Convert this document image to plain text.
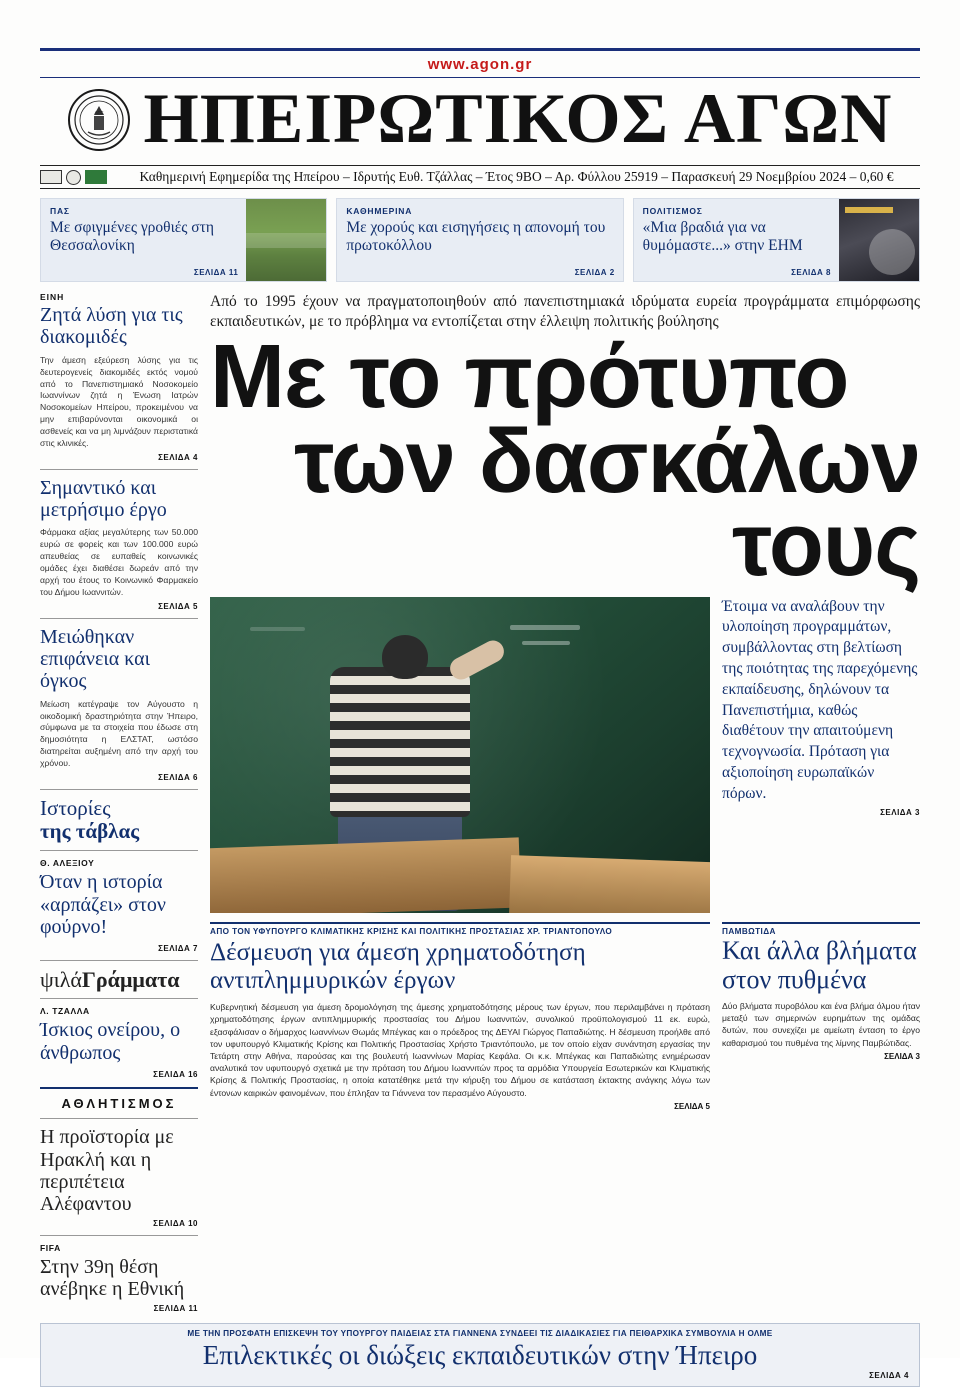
www.agon.gr
ΑΠΣ ΗΠΕΙΡΩΤΙΚΟΣ ΑΓΩΝ
Καθημερινή Εφημερίδα της Ηπείρου – Ιδρυτής Ευθ. Τζάλλας – Έτος 9ΒΟ – Αρ. Φύλλου 25919 – Παρασκευή 29 Νοεμβρίου 2024 – 0,60 €
ΠΑΣ
Με σφιγμένες γροθιές στη Θεσσαλονίκη
ΣΕΛΙΔΑ 11
ΚΑΘΗΜΕΡΙΝΑ
Με χορούς και εισηγήσεις η απονομή του πρωτοκόλλου
ΣΕΛΙΔΑ 2
ΠΟΛΙΤΙΣΜΟΣ
«Μια βραδιά για να θυμόμαστε...» στην ΕΗΜ
ΣΕΛΙΔΑ 8
ΕΙΝΗ
Ζητά λύση για τις διακομιδές
Την άμεση εξεύρεση λύσης για τις δευτερογενείς διακομιδές εκτός νομού από το Πανεπιστημιακό Νοσοκομείο Ιωαννίνων ζητά η Ένωση Ιατρών Νοσοκομείων Ηπείρου, προκειμένου να μην επιβαρύνονται οικονομικά οι ασθενείς και να μη λιμνάζουν περιστατικά στις κλινικές.
ΣΕΛΙΔΑ 4
Σημαντικό και μετρήσιμο έργο
Φάρμακα αξίας μεγαλύτερης των 50.000 ευρώ σε φορείς και των 100.000 ευρώ απευθείας σε ευπαθείς κοινωνικές ομάδες έχει διαθέσει δωρεάν από την αρχή του έτους το Κοινωνικό Φαρμακείο του Δήμου Ιωαννιτών.
ΣΕΛΙΔΑ 5
Μειώθηκαν επιφάνεια και όγκος
Μείωση κατέγραψε τον Αύγουστο η οικοδομική δραστηριότητα στην Ήπειρο, σύμφωνα με τα στοιχεία που έδωσε στη δημοσιότητα η ΕΛΣΤΑΤ, ωστόσο διατηρείται αυξημένη από την αρχή του χρόνου.
ΣΕΛΙΔΑ 6
Ιστορίες
της τάβλας
Θ. ΑΛΕΞΙΟΥ
Όταν η ιστορία «αρπάζει» στον φούρνο!
ΣΕΛΙΔΑ 7
ψιλάΓράμματα
Λ. ΤΖΑΛΛΑ
Ίσκιος ονείρου, ο άνθρωπος
ΣΕΛΙΔΑ 16
ΑΘΛΗΤΙΣΜΟΣ
Η προϊστορία με Ηρακλή και η περιπέτεια Αλέφαντου
ΣΕΛΙΔΑ 10
FIFA
Στην 39η θέση ανέβηκε η Εθνική
ΣΕΛΙΔΑ 11
Από το 1995 έχουν να πραγματοποιηθούν από πανεπιστημιακά ιδρύματα ευρεία προγράμματα επιμόρφωσης εκπαιδευτικών, με το πρόβλημα να εντοπίζεται στην έλλειψη πολιτικής βούλησης
Με το πρότυπο
των δασκάλων τους
Έτοιμα να αναλάβουν την υλοποίηση προγραμμάτων, συμβάλλοντας στη βελτίωση της ποιότητας της παρεχόμενης εκπαίδευσης, δηλώνουν τα Πανεπιστήμια, καθώς διαθέτουν την απαιτούμενη τεχνογνωσία. Πρόταση για αξιοποίηση ευρωπαϊκών πόρων.
ΣΕΛΙΔΑ 3
ΑΠΟ ΤΟΝ ΥΦΥΠΟΥΡΓΟ ΚΛΙΜΑΤΙΚΗΣ ΚΡΙΣΗΣ ΚΑΙ ΠΟΛΙΤΙΚΗΣ ΠΡΟΣΤΑΣΙΑΣ ΧΡ. ΤΡΙΑΝΤΟΠΟΥΛΟ
Δέσμευση για άμεση χρηματοδότηση αντιπλημμυρικών έργων
Κυβερνητική δέσμευση για άμεση δρομολόγηση της άμεσης χρηματοδότησης μέρους των έργων, που περιλαμβάνει η πρόταση χρηματοδότησης έργων αντιπλημμυρικής προστασίας του Δήμου Ιωαννιτών, συνολικού προϋπολογισμού 11 εκ. ευρώ, εξασφάλισαν ο δήμαρχος Ιωαννίνων Θωμάς Μπέγκας και ο πρόεδρος της ΔΕΥΑΙ Γιώργος Παπαδιώτης. Η δέσμευση προήλθε από τον υφυπουργό Κλιματικής Κρίσης και Πολιτικής Προστασίας Χρήστο Τριαντόπουλο, με τον οποίο είχαν συνάντηση εργασίας την Τετάρτη στην Αθήνα, παρούσας και της βουλευτή Ιωαννίνων Μαρίας Κεφάλα. Οι κ.κ. Μπέγκας και Παπαδιώτης ενημέρωσαν αναλυτικά τον υφυπουργό σχετικά με την πρόταση του Δήμου Ιωαννιτών προς τα αρμόδια Υπουργεία Εσωτερικών και Κλιματικής Κρίσης & Πολιτικής Προστασίας, η οποία κατατέθηκε μετά την κήρυξη του Δήμου σε κατάσταση έκτακτης ανάγκης λόγω των έντονων καιρικών φαινομένων, που έπληξαν τα Γιάννενα τον περασμένο Αύγουστο.
ΣΕΛΙΔΑ 5
ΠΑΜΒΩΤΙΔΑ
Και άλλα βλήματα στον πυθμένα
Δύο βλήματα πυροβόλου και ένα βλήμα όλμου ήταν μεταξύ των σημερινών ευρημάτων της ομάδας δυτών, που συνεχίζει με αμείωτη ένταση το έργο καθαρισμού του πυθμένα της λίμνης Παμβώτιδας.
ΣΕΛΙΔΑ 3
ΜΕ ΤΗΝ ΠΡΟΣΦΑΤΗ ΕΠΙΣΚΕΨΗ ΤΟΥ ΥΠΟΥΡΓΟΥ ΠΑΙΔΕΙΑΣ ΣΤΑ ΓΙΑΝΝΕΝΑ ΣΥΝΔΕΕΙ ΤΙΣ ΔΙΑΔΙΚΑΣΙΕΣ ΓΙΑ ΠΕΙΘΑΡΧΙΚΑ ΣΥΜΒΟΥΛΙΑ Η ΟΛΜΕ
Επιλεκτικές οι διώξεις εκπαιδευτικών στην Ήπειρο
ΣΕΛΙΔΑ 4
